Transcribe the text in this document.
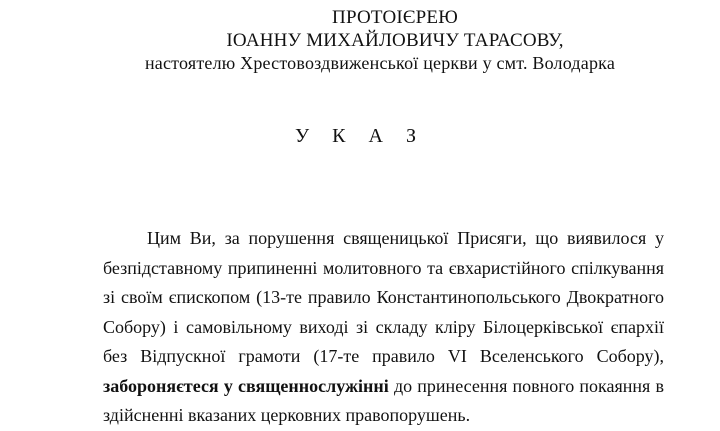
ПРОТОІЄРЕЮ
ІОАННУ МИХАЙЛОВИЧУ ТАРАСОВУ,
настоятелю Хрестовоздвиженської церкви у смт. Володарка
У К А З

Цим Ви, за порушення священицької Присяги, що виявилося у безпідставному припиненні молитовного та євхаристійного спілкування зі своїм єпископом (13-те правило Константинопольського Двократного Собору) і самовільному виході зі складу кліру Білоцерківської єпархії без Відпускної грамоти (17-те правило VI Вселенського Собору), забороняєтеся у священнослужінні до принесення повного покаяння в здійсненні вказаних церковних правопорушень.
